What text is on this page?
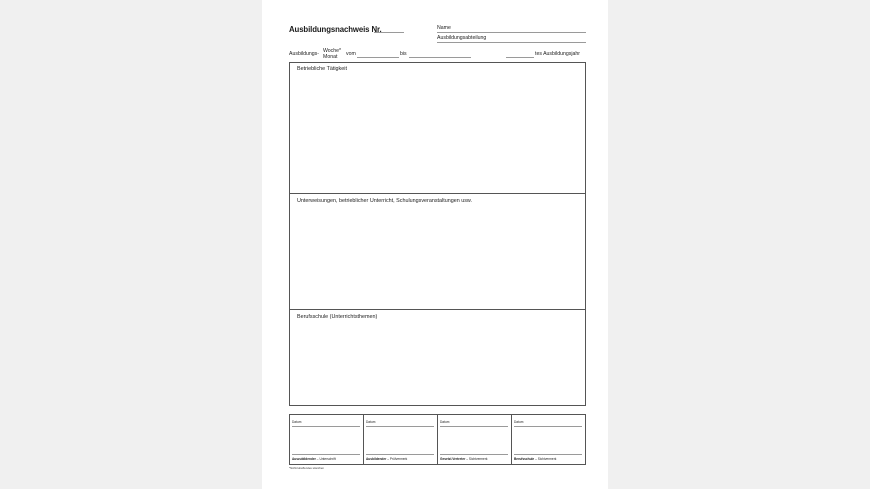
Ausbildungsnachweis Nr.	Name
Ausbildungsabteilung
Ausbildungs- Woche*
Monat vom	bis	tes Ausbildungsjahr
Betriebliche Tätigkeit
Unterweisungen, betrieblicher Unterricht, Schulungsveranstaltungen usw.
Berufsschule (Unterrichtsthemen)
Datum
Auszubildender – Unterschrift
Datum
Ausbildender – Prüfvermerk
Datum
Gesetzl.Vertreter – Sichtvermerk
Datum
Berufsschule – Sichtvermerk
*Nichtzutreffendes streichen
